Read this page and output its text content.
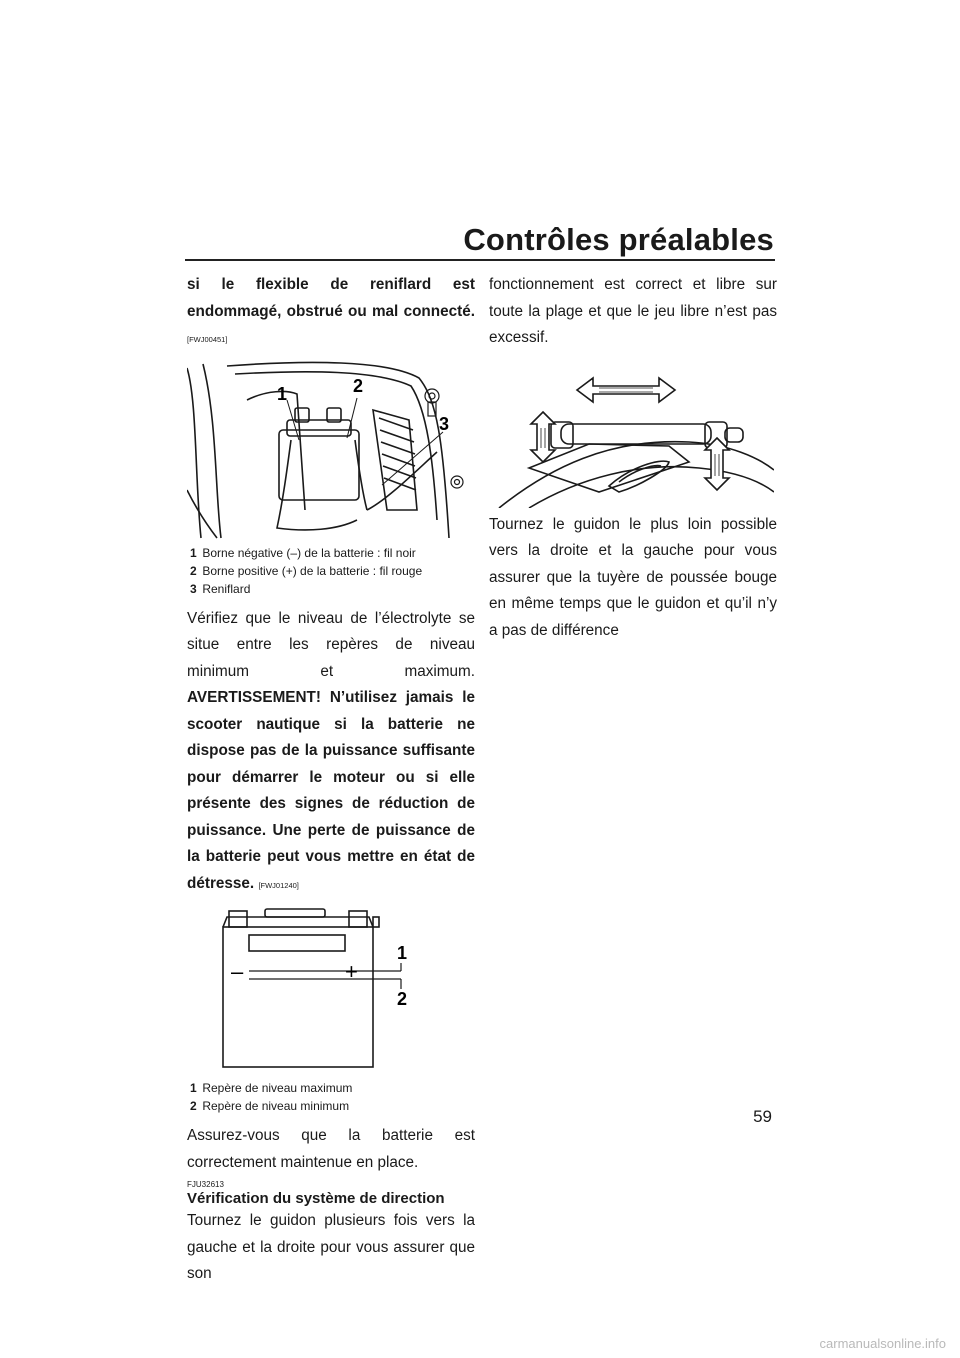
Contrôles préalables

si le flexible de reniflard est endommagé, obstrué ou mal connecté. [FWJ00451]

1	2
3
1 Borne négative (–) de la batterie : fil noir
2 Borne positive (+) de la batterie : fil rouge
3 Reniflard

Vérifiez que le niveau de l’électrolyte se situe entre les repères de niveau minimum et maximum. AVERTISSEMENT! N’utilisez jamais le scooter nautique si la batterie ne dispose pas de la puissance suffisante pour démarrer le moteur ou si elle présente des signes de réduction de puissance. Une perte de puissance de la batterie peut vous mettre en état de détresse. [FWJ01240]

–	+
1
2
1 Repère de niveau maximum
2 Repère de niveau minimum

Assurez-vous que la batterie est correctement maintenue en place.

FJU32613
Vérification du système de direction

Tournez le guidon plusieurs fois vers la gauche et la droite pour vous assurer que son

fonctionnement est correct et libre sur toute la plage et que le jeu libre n’est pas excessif.

Tournez le guidon le plus loin possible vers la droite et la gauche pour vous assurer que la tuyère de poussée bouge en même temps que le guidon et qu’il n’y a pas de différence

59
carmanualsonline.info
